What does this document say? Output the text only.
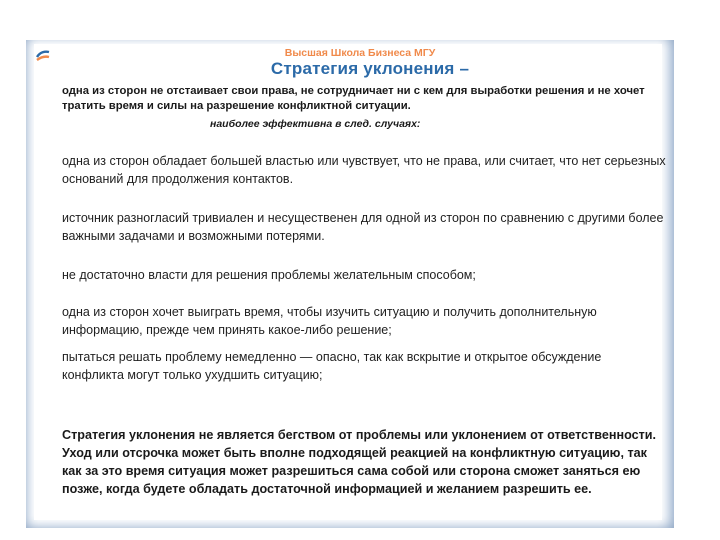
Высшая Школа Бизнеса МГУ
Стратегия уклонения –
одна из сторон не отстаивает свои права, не сотрудничает ни с кем для выработки решения и не хочет тратить время и силы на разрешение конфликтной ситуации.
наиболее эффективна в след. случаях:
одна из сторон обладает большей властью или чувствует, что не права, или считает, что нет серьезных оснований для продолжения контактов.
источник разногласий тривиален и несущественен для одной из сторон по сравнению с другими более важными задачами и возможными потерями.
не достаточно власти для решения проблемы желательным способом;
одна из сторон хочет выиграть время, чтобы изучить ситуацию и получить дополнительную информацию, прежде чем принять какое-либо решение;
пытаться решать проблему немедленно — опасно, так как вскрытие и открытое обсуждение конфликта могут только ухудшить ситуацию;
Стратегия уклонения не является бегством от проблемы или уклонением от ответственности. Уход или отсрочка может быть вполне подходящей реакцией на конфликтную ситуацию, так как за это время ситуация может разрешиться сама собой или сторона сможет заняться ею позже, когда будете обладать достаточной информацией и желанием разрешить ее.
